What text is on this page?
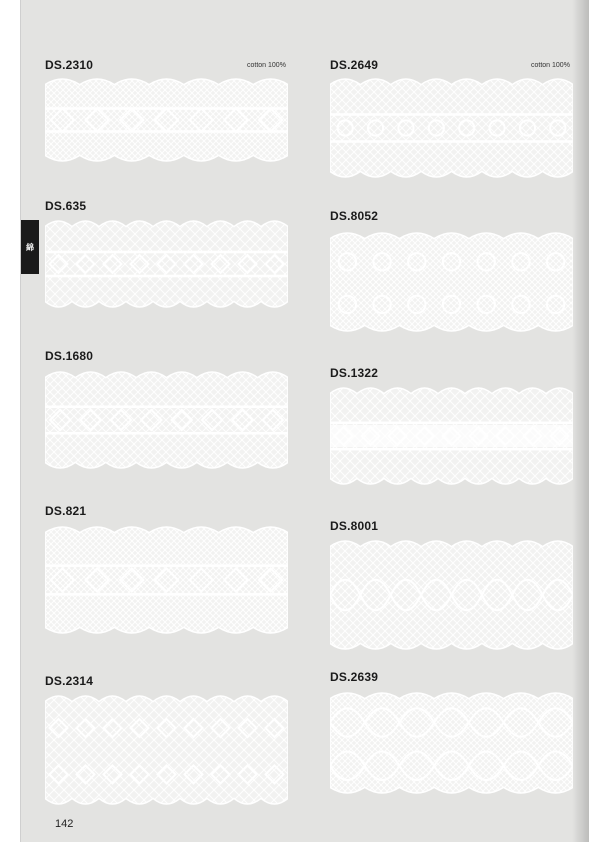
綿
DS.2310	cotton 100%
DS.635
DS.1680
DS.821
DS.2314
DS.2649	cotton 100%
DS.8052
DS.1322
DS.8001
DS.2639
142
